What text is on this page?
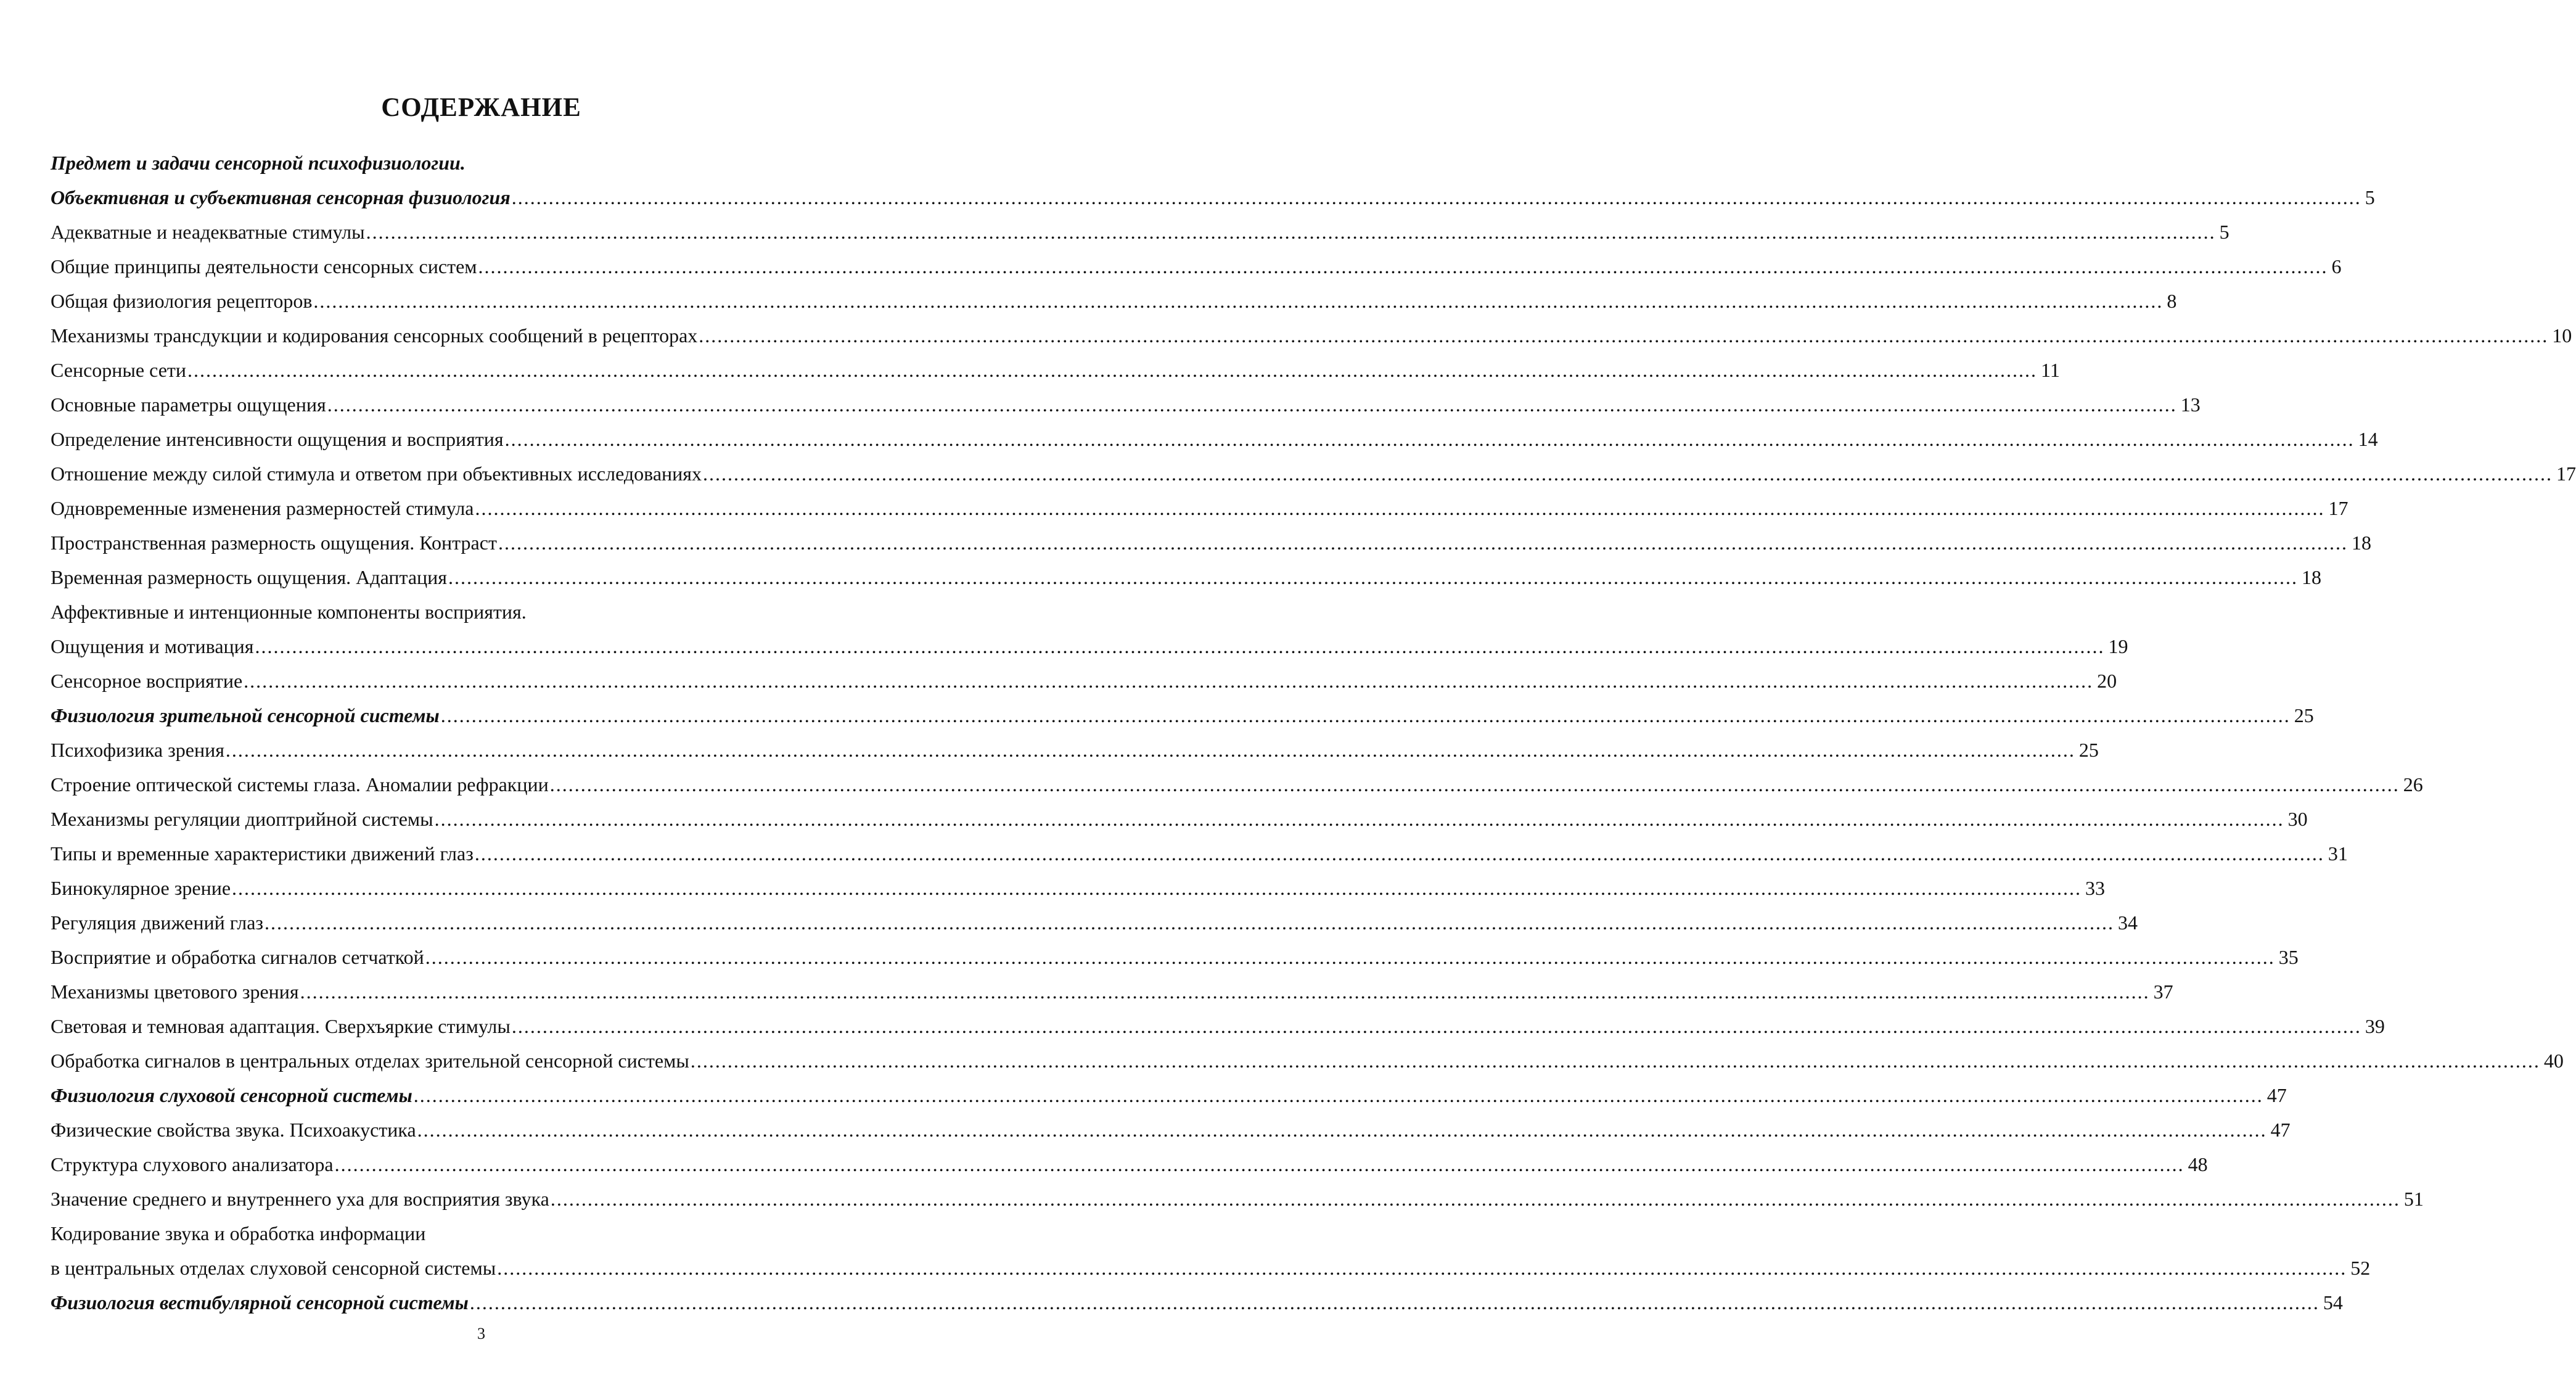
СОДЕРЖАНИЕ
Предмет и задачи сенсорной психофизиологии.
Объективная и субъективная сенсорная физиология ............................................................................................................................................................................................................................................................................................................ 5
Адекватные и неадекватные стимулы ............................................................................................................................................................................................................................................................................................................ 5
Общие принципы деятельности сенсорных систем ............................................................................................................................................................................................................................................................................................................ 6
Общая физиология рецепторов ............................................................................................................................................................................................................................................................................................................ 8
Механизмы трансдукции и кодирования сенсорных сообщений в рецепторах ............................................................................................................................................................................................................................................................................................................ 10
Сенсорные сети ............................................................................................................................................................................................................................................................................................................ 11
Основные параметры ощущения ............................................................................................................................................................................................................................................................................................................ 13
Определение интенсивности ощущения и восприятия ............................................................................................................................................................................................................................................................................................................ 14
Отношение между силой стимула и ответом при объективных исследованиях ............................................................................................................................................................................................................................................................................................................ 17
Одновременные изменения размерностей стимула ............................................................................................................................................................................................................................................................................................................ 17
Пространственная размерность ощущения. Контраст ............................................................................................................................................................................................................................................................................................................ 18
Временная размерность ощущения. Адаптация ............................................................................................................................................................................................................................................................................................................ 18
Аффективные и интенционные компоненты восприятия.
Ощущения и мотивация ............................................................................................................................................................................................................................................................................................................ 19
Сенсорное восприятие ............................................................................................................................................................................................................................................................................................................ 20
Физиология зрительной сенсорной системы ............................................................................................................................................................................................................................................................................................................ 25
Психофизика зрения ............................................................................................................................................................................................................................................................................................................ 25
Строение оптической системы глаза. Аномалии рефракции ............................................................................................................................................................................................................................................................................................................ 26
Механизмы регуляции диоптрийной системы ............................................................................................................................................................................................................................................................................................................ 30
Типы и временные характеристики движений глаз ............................................................................................................................................................................................................................................................................................................ 31
Бинокулярное зрение ............................................................................................................................................................................................................................................................................................................ 33
Регуляция движений глаз ............................................................................................................................................................................................................................................................................................................ 34
Восприятие и обработка сигналов сетчаткой ............................................................................................................................................................................................................................................................................................................ 35
Механизмы цветового зрения ............................................................................................................................................................................................................................................................................................................ 37
Световая и темновая адаптация. Сверхъяркие стимулы ............................................................................................................................................................................................................................................................................................................ 39
Обработка сигналов в центральных отделах зрительной сенсорной системы ............................................................................................................................................................................................................................................................................................................ 40
Физиология слуховой сенсорной системы ............................................................................................................................................................................................................................................................................................................ 47
Физические свойства звука. Психоакустика ............................................................................................................................................................................................................................................................................................................ 47
Структура слухового анализатора ............................................................................................................................................................................................................................................................................................................ 48
Значение среднего и внутреннего уха для восприятия звука ............................................................................................................................................................................................................................................................................................................ 51
Кодирование звука и обработка информации
в центральных отделах слуховой сенсорной системы ............................................................................................................................................................................................................................................................................................................ 52
Физиология вестибулярной сенсорной системы ............................................................................................................................................................................................................................................................................................................ 54
3
